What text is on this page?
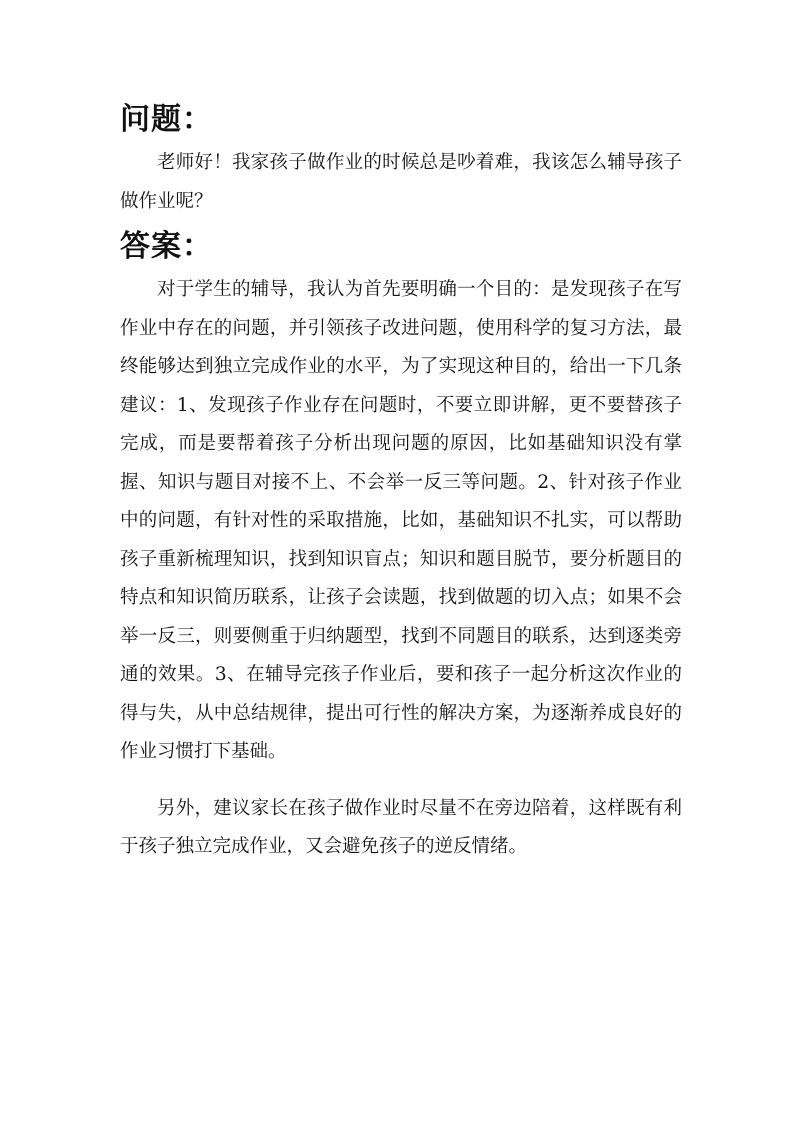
问题：

老师好！我家孩子做作业的时候总是吵着难，我该怎么辅导孩子做作业呢？

答案：

对于学生的辅导，我认为首先要明确一个目的：是发现孩子在写作业中存在的问题，并引领孩子改进问题，使用科学的复习方法，最终能够达到独立完成作业的水平，为了实现这种目的，给出一下几条建议：1、发现孩子作业存在问题时，不要立即讲解，更不要替孩子完成，而是要帮着孩子分析出现问题的原因，比如基础知识没有掌握、知识与题目对接不上、不会举一反三等问题。2、针对孩子作业中的问题，有针对性的采取措施，比如，基础知识不扎实，可以帮助孩子重新梳理知识，找到知识盲点；知识和题目脱节，要分析题目的特点和知识简历联系，让孩子会读题，找到做题的切入点；如果不会举一反三，则要侧重于归纳题型，找到不同题目的联系，达到逐类旁通的效果。3、在辅导完孩子作业后，要和孩子一起分析这次作业的得与失，从中总结规律，提出可行性的解决方案，为逐渐养成良好的作业习惯打下基础。

另外，建议家长在孩子做作业时尽量不在旁边陪着，这样既有利于孩子独立完成作业，又会避免孩子的逆反情绪。
